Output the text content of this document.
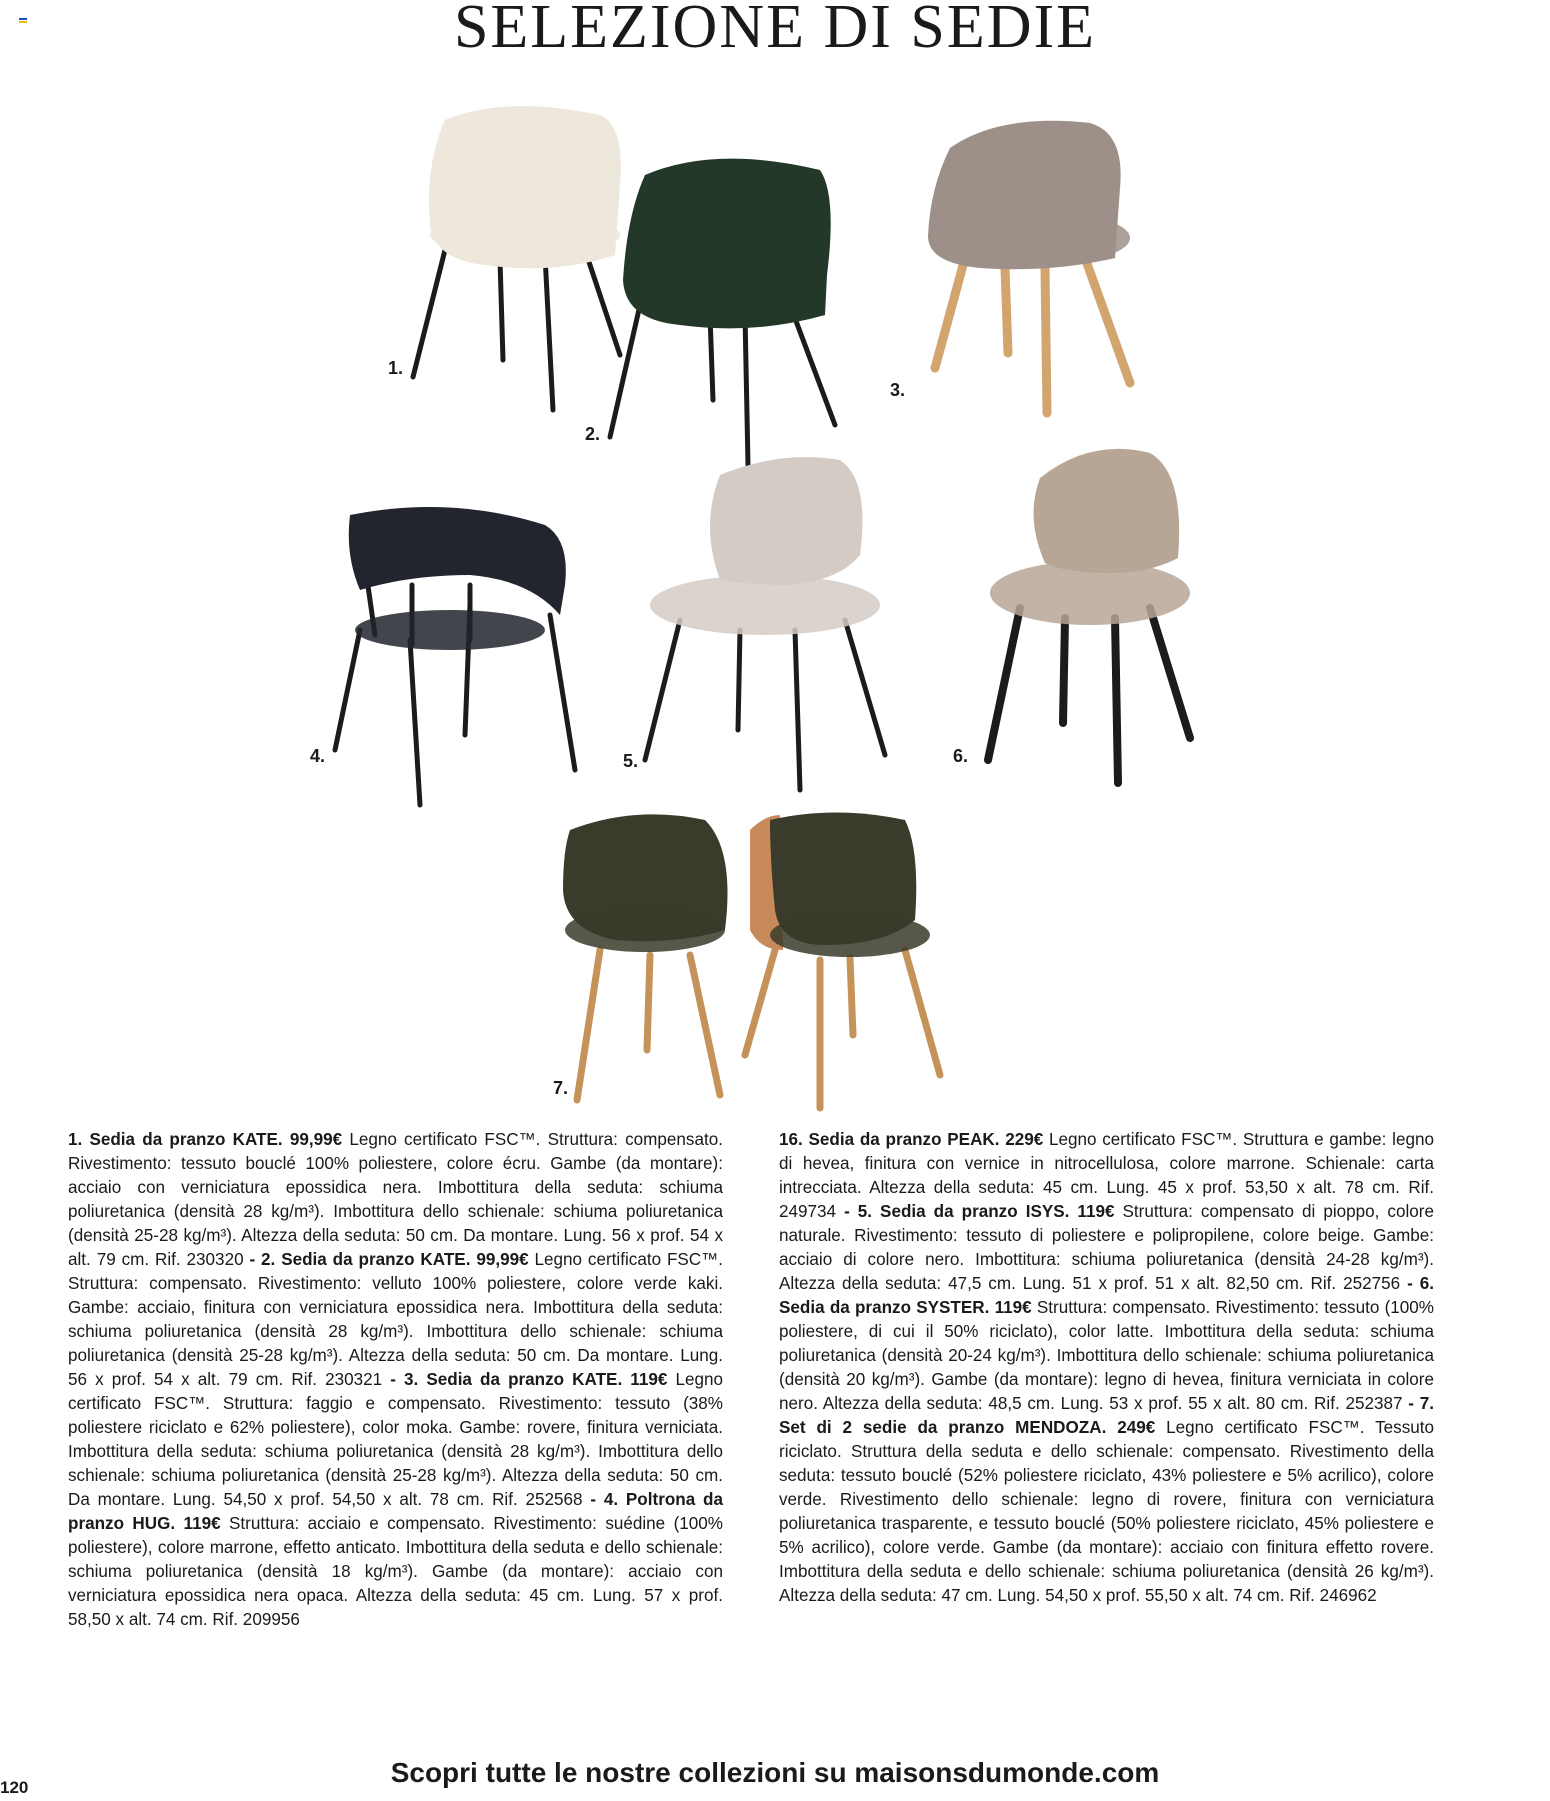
SELEZIONE DI SEDIE
1.
2.
3.
4.	5.	6.
7.

1. Sedia da pranzo KATE. 99,99€ Legno certificato FSC™. Struttura: compensato. Rivestimento: tessuto bouclé 100% poliestere, colore écru. Gambe (da montare): acciaio con verniciatura epossidica nera. Imbottitura della seduta: schiuma poliuretanica (densità 28 kg/m³). Imbottitura dello schienale: schiuma poliuretanica (densità 25-28 kg/m³). Altezza della seduta: 50 cm. Da montare. Lung. 56 x prof. 54 x alt. 79 cm. Rif. 230320 - 2. Sedia da pranzo KATE. 99,99€ Legno certificato FSC™. Struttura: compensato. Rivestimento: velluto 100% poliestere, colore verde kaki. Gambe: acciaio, finitura con verniciatura epossidica nera. Imbottitura della seduta: schiuma poliuretanica (densità 28 kg/m³). Imbottitura dello schienale: schiuma poliuretanica (densità 25-28 kg/m³). Altezza della seduta: 50 cm. Da montare. Lung. 56 x prof. 54 x alt. 79 cm. Rif. 230321 - 3. Sedia da pranzo KATE. 119€ Legno certificato FSC™. Struttura: faggio e compensato. Rivestimento: tessuto (38% poliestere riciclato e 62% poliestere), color moka. Gambe: rovere, finitura verniciata. Imbottitura della seduta: schiuma poliuretanica (densità 28 kg/m³). Imbottitura dello schienale: schiuma poliuretanica (densità 25-28 kg/m³). Altezza della seduta: 50 cm. Da montare. Lung. 54,50 x prof. 54,50 x alt. 78 cm. Rif. 252568 - 4. Poltrona da pranzo HUG. 119€ Struttura: acciaio e compensato. Rivestimento: suédine (100% poliestere), colore marrone, effetto anticato. Imbottitura della seduta e dello schienale: schiuma poliuretanica (densità 18 kg/m³). Gambe (da montare): acciaio con verniciatura epossidica nera opaca. Altezza della seduta: 45 cm. Lung. 57 x prof. 58,50 x alt. 74 cm. Rif. 209956

16. Sedia da pranzo PEAK. 229€ Legno certificato FSC™. Struttura e gambe: legno di hevea, finitura con vernice in nitrocellulosa, colore marrone. Schienale: carta intrecciata. Altezza della seduta: 45 cm. Lung. 45 x prof. 53,50 x alt. 78 cm. Rif. 249734 - 5. Sedia da pranzo ISYS. 119€ Struttura: compensato di pioppo, colore naturale. Rivestimento: tessuto di poliestere e polipropilene, colore beige. Gambe: acciaio di colore nero. Imbottitura: schiuma poliuretanica (densità 24-28 kg/m³). Altezza della seduta: 47,5 cm. Lung. 51 x prof. 51 x alt. 82,50 cm. Rif. 252756 - 6. Sedia da pranzo SYSTER. 119€ Struttura: compensato. Rivestimento: tessuto (100% poliestere, di cui il 50% riciclato), color latte. Imbottitura della seduta: schiuma poliuretanica (densità 20-24 kg/m³). Imbottitura dello schienale: schiuma poliuretanica (densità 20 kg/m³). Gambe (da montare): legno di hevea, finitura verniciata in colore nero. Altezza della seduta: 48,5 cm. Lung. 53 x prof. 55 x alt. 80 cm. Rif. 252387 - 7. Set di 2 sedie da pranzo MENDOZA. 249€ Legno certificato FSC™. Tessuto riciclato. Struttura della seduta e dello schienale: compensato. Rivestimento della seduta: tessuto bouclé (52% poliestere riciclato, 43% poliestere e 5% acrilico), colore verde. Rivestimento dello schienale: legno di rovere, finitura con verniciatura poliuretanica trasparente, e tessuto bouclé (50% poliestere riciclato, 45% poliestere e 5% acrilico), colore verde. Gambe (da montare): acciaio con finitura effetto rovere. Imbottitura della seduta e dello schienale: schiuma poliuretanica (densità 26 kg/m³). Altezza della seduta: 47 cm. Lung. 54,50 x prof. 55,50 x alt. 74 cm. Rif. 246962

Scopri tutte le nostre collezioni su maisonsdumonde.com
120
